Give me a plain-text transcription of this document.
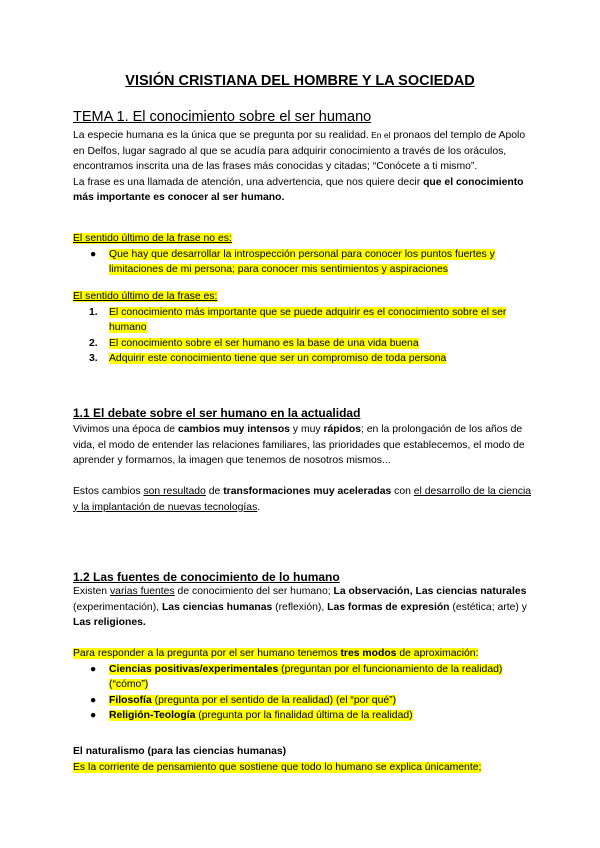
VISIÓN CRISTIANA DEL HOMBRE Y LA SOCIEDAD
TEMA 1. El conocimiento sobre el ser humano

La especie humana es la única que se pregunta por su realidad. En el pronaos del templo de Apolo en Delfos, lugar sagrado al que se acudía para adquirir conocimiento a través de los oráculos, encontramos inscrita una de las frases más conocidas y citadas; “Conócete a ti mismo”.

La frase es una llamada de atención, una advertencia, que nos quiere decir que el conocimiento más importante es conocer al ser humano.

El sentido último de la frase no es:

● Que hay que desarrollar la introspección personal para conocer los puntos fuertes y limitaciones de mi persona; para conocer mis sentimientos y aspiraciones

El sentido último de la frase es:

1. El conocimiento más importante que se puede adquirir es el conocimiento sobre el ser humano
2. El conocimiento sobre el ser humano es la base de una vida buena
3. Adquirir este conocimiento tiene que ser un compromiso de toda persona
1.1 El debate sobre el ser humano en la actualidad

Vivimos una época de cambios muy intensos y muy rápidos; en la prolongación de los años de vida, el modo de entender las relaciones familiares, las prioridades que establecemos, el modo de aprender y formarnos, la imagen que tenemos de nosotros mismos...

Estos cambios son resultado de transformaciones muy aceleradas con el desarrollo de la ciencia y la implantación de nuevas tecnologías.

1.2 Las fuentes de conocimiento de lo humano

Existen varias fuentes de conocimiento del ser humano; La observación, Las ciencias naturales (experimentación), Las ciencias humanas (reflexión), Las formas de expresión (estética; arte) y Las religiones.

Para responder a la pregunta por el ser humano tenemos tres modos de aproximación:

● Ciencias positivas/experimentales (preguntan por el funcionamiento de la realidad) (“cómo”)
● Filosofía (pregunta por el sentido de la realidad) (el “por qué”)
● Religión-Teología (pregunta por la finalidad última de la realidad)
El naturalismo (para las ciencias humanas)

Es la corriente de pensamiento que sostiene que todo lo humano se explica únicamente;
